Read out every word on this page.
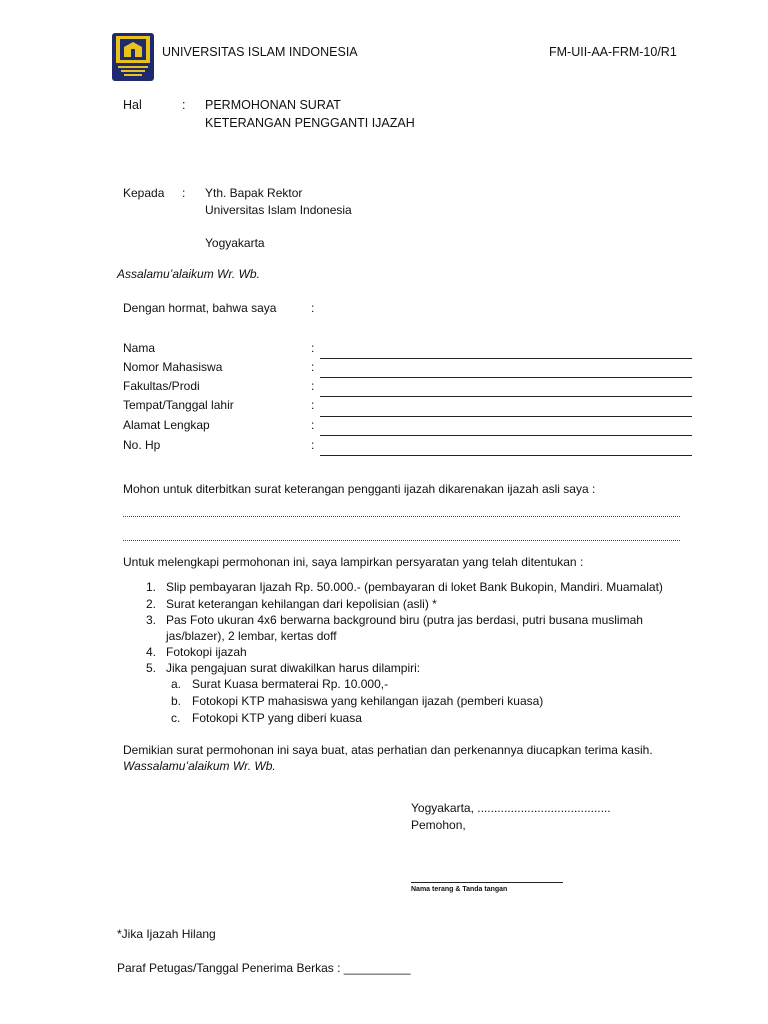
UNIVERSITAS ISLAM INDONESIA	FM-UII-AA-FRM-10/R1
Hal	: PERMOHONAN SURAT
KETERANGAN PENGGANTI IJAZAH
Kepada : Yth. Bapak Rektor
Universitas Islam Indonesia
Yogyakarta
Assalamu’alaikum Wr. Wb.
Dengan hormat, bahwa saya	:
Nama	:
Nomor Mahasiswa	:
Fakultas/Prodi	:
Tempat/Tanggal lahir	:
Alamat Lengkap	:
No. Hp	:
Mohon untuk diterbitkan surat keterangan pengganti ijazah dikarenakan ijazah asli saya :
Untuk melengkapi permohonan ini, saya lampirkan persyaratan yang telah ditentukan :
1. Slip pembayaran Ijazah Rp. 50.000.- (pembayaran di loket Bank Bukopin, Mandiri. Muamalat)
2. Surat keterangan kehilangan dari kepolisian (asli) *
3. Pas Foto ukuran 4x6 berwarna background biru (putra jas berdasi, putri busana muslimah
jas/blazer), 2 lembar, kertas doff
4. Fotokopi ijazah
5. Jika pengajuan surat diwakilkan harus dilampiri:
a. Surat Kuasa bermaterai Rp. 10.000,-
b. Fotokopi KTP mahasiswa yang kehilangan ijazah (pemberi kuasa)
c. Fotokopi KTP yang diberi kuasa
Demikian surat permohonan ini saya buat, atas perhatian dan perkenannya diucapkan terima kasih.
Wassalamu’alaikum Wr. Wb.
Yogyakarta, ........................................
Pemohon,
Nama terang & Tanda tangan
*Jika Ijazah Hilang
Paraf Petugas/Tanggal Penerima Berkas : __________
